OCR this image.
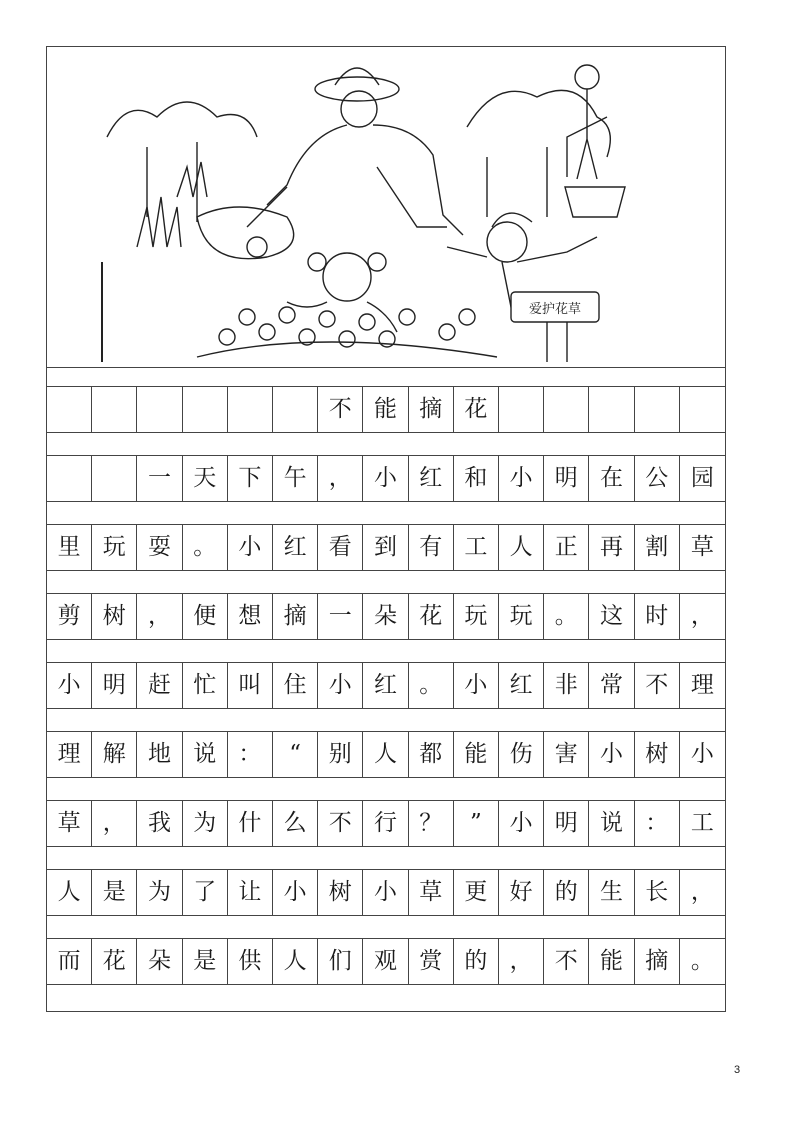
爱护花草
不 能 摘 花
一 天 下 午 ， 小 红 和 小 明 在 公 园
里 玩 耍 。 小 红 看 到 有 工 人 正 再 割 草
剪 树 ， 便 想 摘 一 朵 花 玩 玩 。 这 时 ，
小 明 赶 忙 叫 住 小 红 。 小 红 非 常 不 理
理 解 地 说 ：	“	别 人 都 能 伤 害 小 树 小
草 ， 我 为 什 么 不 行 ？	”	小 明 说 ： 工
人 是 为 了 让 小 树 小 草 更 好 的 生 长 ，
而 花 朵 是 供 人 们 观 赏 的 ， 不 能 摘 。
3
